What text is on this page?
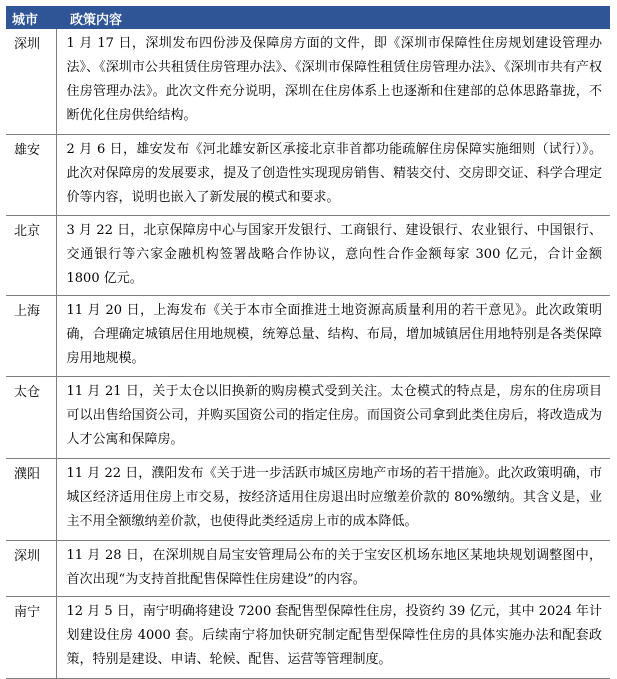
城市	政策内容
深圳	1 月 17 日，深圳发布四份涉及保障房方面的文件，即《深圳市保障性住房规划建设管理办法》、《深圳市公共租赁住房管理办法》、《深圳市保障性租赁住房管理办法》、《深圳市共有产权住房管理办法》。此次文件充分说明，深圳在住房体系上也逐渐和住建部的总体思路靠拢，不断优化住房供给结构。
雄安	2 月 6 日，雄安发布《河北雄安新区承接北京非首都功能疏解住房保障实施细则（试行）》。此次对保障房的发展要求，提及了创造性实现现房销售、精装交付、交房即交证、科学合理定价等内容，说明也嵌入了新发展的模式和要求。
北京	3 月 22 日，北京保障房中心与国家开发银行、工商银行、建设银行、农业银行、中国银行、交通银行等六家金融机构签署战略合作协议，意向性合作金额每家 300 亿元，合计金额 1800 亿元。
上海	11 月 20 日，上海发布《关于本市全面推进土地资源高质量利用的若干意见》。此次政策明确，合理确定城镇居住用地规模，统筹总量、结构、布局，增加城镇居住用地特别是各类保障房用地规模。
太仓	11 月 21 日，关于太仓以旧换新的购房模式受到关注。太仓模式的特点是，房东的住房项目可以出售给国资公司，并购买国资公司的指定住房。而国资公司拿到此类住房后，将改造成为人才公寓和保障房。
濮阳	11 月 22 日，濮阳发布《关于进一步活跃市城区房地产市场的若干措施》。此次政策明确，市城区经济适用住房上市交易，按经济适用住房退出时应缴差价款的 80%缴纳。其含义是，业主不用全额缴纳差价款，也使得此类经适房上市的成本降低。
深圳	11 月 28 日，在深圳规自局宝安管理局公布的关于宝安区机场东地区某地块规划调整图中，首次出现“为支持首批配售保障性住房建设”的内容。
南宁	12 月 5 日，南宁明确将建设 7200 套配售型保障性住房，投资约 39 亿元，其中 2024 年计划建设住房 4000 套。后续南宁将加快研究制定配售型保障性住房的具体实施办法和配套政策，特别是建设、申请、轮候、配售、运营等管理制度。
